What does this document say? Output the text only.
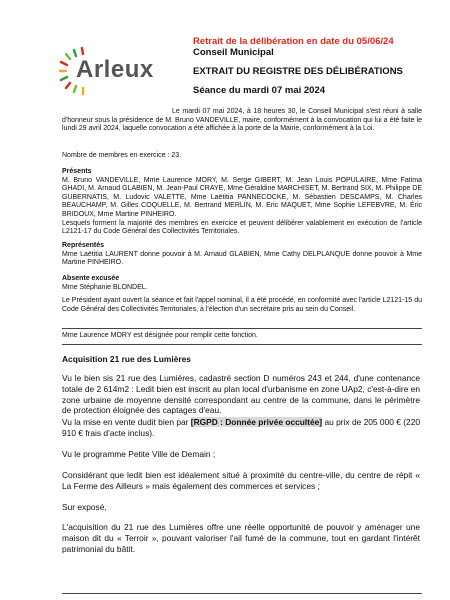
Arleux
Retrait de la délibération en date du 05/06/24
Conseil Municipal
EXTRAIT DU REGISTRE DES DÉLIBÉRATIONS
Séance du mardi 07 mai 2024
Le mardi 07 mai 2024, à 18 heures 30, le Conseil Municipal s'est réuni à salle d'honneur sous la présidence de M. Bruno VANDEVILLE, maire, conformément à la convocation qui lui a été faite le lundi 29 avril 2024, laquelle convocation a été affichée à la porte de la Mairie, conformément à la Loi.
Nombre de membres en exercice : 23.
Présents
M. Bruno VANDEVILLE, Mme Laurence MORY, M. Serge GIBERT, M. Jean Louis POPULAIRE, Mme Fatima GHADI, M. Arnaud GLABIEN, M. Jean-Paul CRAYE, Mme Géraldine MARCHISET, M. Bertrand SIX, M. Philippe DE GUBERNATIS, M. Ludovic VALETTE, Mme Laëtitia PANNECOCKE, M. Sébastien DESCAMPS, M. Charles BEAUCHAMP, M. Gilles COQUELLE, M. Bertrand MERLIN, M. Eric MAQUET, Mme Sophie LEFEBVRE, M. Éric BRIDOUX, Mme Martine PINHEIRO.
Lesquels forment la majorité des membres en exercice et peuvent délibérer valablement en exécution de l'article L2121-17 du Code Général des Collectivités Territoriales.
Représentés
Mme Laëtitia LAURENT donne pouvoir à M. Arnaud GLABIEN, Mme Cathy DELPLANQUE donne pouvoir à Mme Martine PINHEIRO.
Absente excusée
Mme Stéphanie BLONDEL.
Le Président ayant ouvert la séance et fait l'appel nominal, il a été procédé, en conformité avec l'article L2121-15 du Code Général des Collectivités Territoriales, à l'élection d'un secrétaire pris au sein du Conseil.
Mme Laurence MORY est désignée pour remplir cette fonction.
Acquisition 21 rue des Lumières
Vu le bien sis 21 rue des Lumières, cadastré section D numéros 243 et 244, d'une contenance totale de 2 614m2 : Ledit bien est inscrit au plan local d'urbanisme en zone UAp2, c'est-à-dire en zone urbaine de moyenne densité correspondant au centre de la commune, dans le périmètre de protection éloignée des captages d'eau.
Vu la mise en vente dudit bien par [RGPD : Donnée privée occultée] au prix de 205 000 € (220 910 € frais d'acte inclus).
Vu le programme Petite Ville de Demain ;
Considérant que ledit bien est idéalement situé à proximité du centre-ville, du centre de répit « La Ferme des Ailleurs » mais également des commerces et services ;
Sur exposé,
L'acquisition du 21 rue des Lumières offre une réelle opportunité de pouvoir y aménager une maison dit du « Terroir », pouvant valoriser l'ail fumé de la commune, tout en gardant l'intérêt patrimonial du bâtit.
